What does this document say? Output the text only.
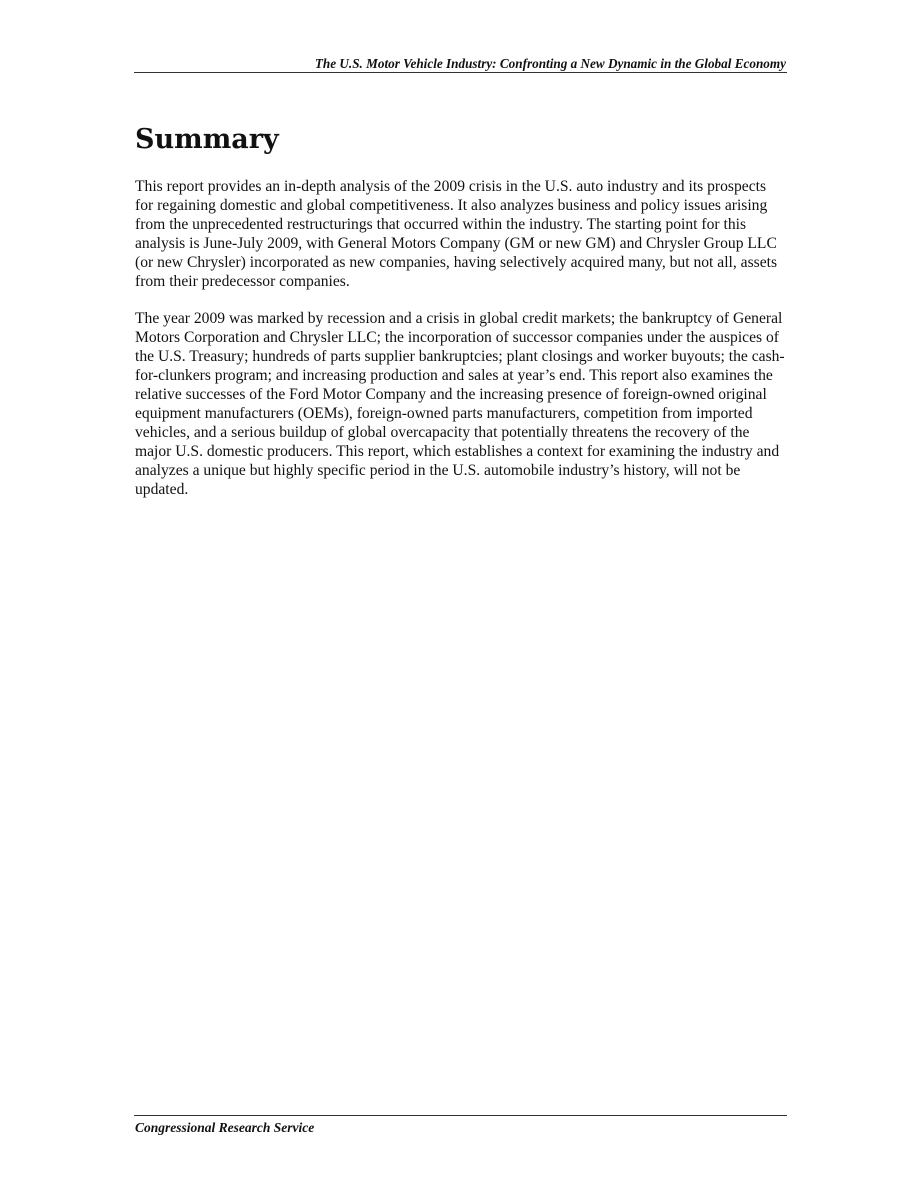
The U.S. Motor Vehicle Industry: Confronting a New Dynamic in the Global Economy
Summary

This report provides an in-depth analysis of the 2009 crisis in the U.S. auto industry and its prospects for regaining domestic and global competitiveness. It also analyzes business and policy issues arising from the unprecedented restructurings that occurred within the industry. The starting point for this analysis is June-July 2009, with General Motors Company (GM or new GM) and Chrysler Group LLC (or new Chrysler) incorporated as new companies, having selectively acquired many, but not all, assets from their predecessor companies.

The year 2009 was marked by recession and a crisis in global credit markets; the bankruptcy of General Motors Corporation and Chrysler LLC; the incorporation of successor companies under the auspices of the U.S. Treasury; hundreds of parts supplier bankruptcies; plant closings and worker buyouts; the cash-for-clunkers program; and increasing production and sales at year’s end. This report also examines the relative successes of the Ford Motor Company and the increasing presence of foreign-owned original equipment manufacturers (OEMs), foreign-owned parts manufacturers, competition from imported vehicles, and a serious buildup of global overcapacity that potentially threatens the recovery of the major U.S. domestic producers. This report, which establishes a context for examining the industry and analyzes a unique but highly specific period in the U.S. automobile industry’s history, will not be updated.

Congressional Research Service
